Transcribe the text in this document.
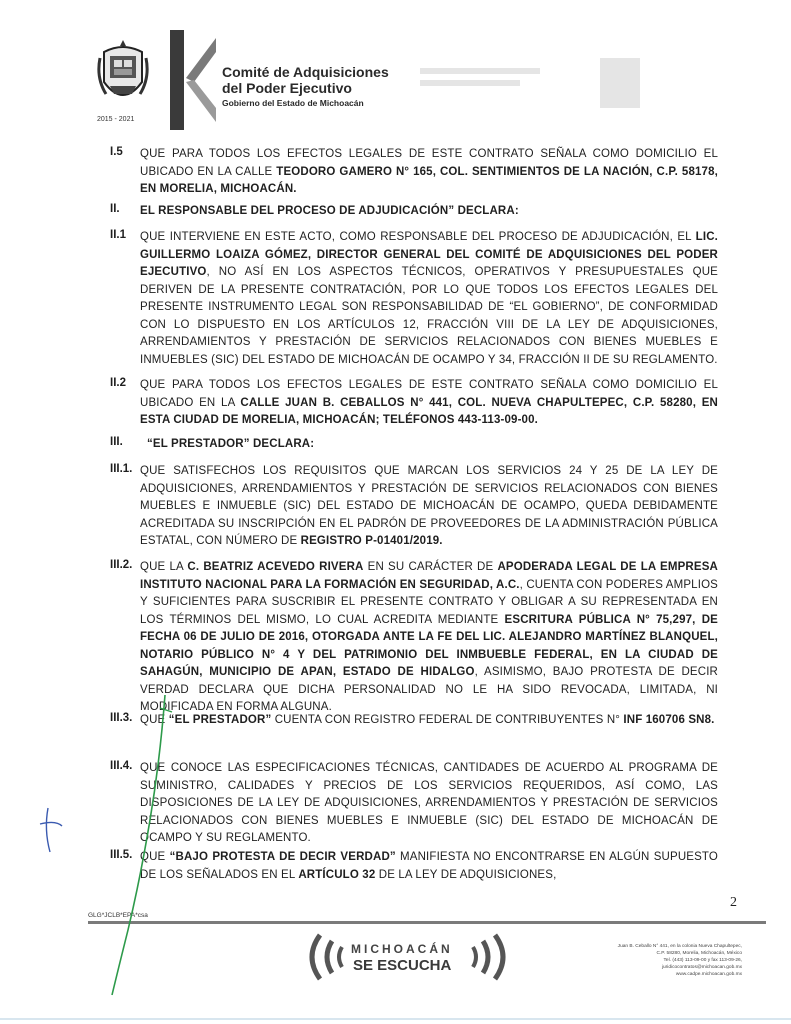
2015 - 2021
Comité de Adquisiciones
del Poder Ejecutivo
Gobierno del Estado de Michoacán
I.5 QUE PARA TODOS LOS EFECTOS LEGALES DE ESTE CONTRATO SEÑALA COMO DOMICILIO EL UBICADO EN LA CALLE TEODORO GAMERO N° 165, COL. SENTIMIENTOS DE LA NACIÓN, C.P. 58178, EN MORELIA, MICHOACÁN.
II. EL RESPONSABLE DEL PROCESO DE ADJUDICACIÓN” DECLARA:
II.1 QUE INTERVIENE EN ESTE ACTO, COMO RESPONSABLE DEL PROCESO DE ADJUDICACIÓN, EL LIC. GUILLERMO LOAIZA GÓMEZ, DIRECTOR GENERAL DEL COMITÉ DE ADQUISICIONES DEL PODER EJECUTIVO, NO ASÍ EN LOS ASPECTOS TÉCNICOS, OPERATIVOS Y PRESUPUESTALES QUE DERIVEN DE LA PRESENTE CONTRATACIÓN, POR LO QUE TODOS LOS EFECTOS LEGALES DEL PRESENTE INSTRUMENTO LEGAL SON RESPONSABILIDAD DE “EL GOBIERNO”, DE CONFORMIDAD CON LO DISPUESTO EN LOS ARTÍCULOS 12, FRACCIÓN VIII DE LA LEY DE ADQUISICIONES, ARRENDAMIENTOS Y PRESTACIÓN DE SERVICIOS RELACIONADOS CON BIENES MUEBLES E INMUEBLES (SIC) DEL ESTADO DE MICHOACÁN DE OCAMPO Y 34, FRACCIÓN II DE SU REGLAMENTO.
II.2 QUE PARA TODOS LOS EFECTOS LEGALES DE ESTE CONTRATO SEÑALA COMO DOMICILIO EL UBICADO EN LA CALLE JUAN B. CEBALLOS N° 441, COL. NUEVA CHAPULTEPEC, C.P. 58280, EN ESTA CIUDAD DE MORELIA, MICHOACÁN; TELÉFONOS 443-113-09-00.
III. “EL PRESTADOR” DECLARA:
III.1. QUE SATISFECHOS LOS REQUISITOS QUE MARCAN LOS SERVICIOS 24 Y 25 DE LA LEY DE ADQUISICIONES, ARRENDAMIENTOS Y PRESTACIÓN DE SERVICIOS RELACIONADOS CON BIENES MUEBLES E INMUEBLE (SIC) DEL ESTADO DE MICHOACÁN DE OCAMPO, QUEDA DEBIDAMENTE ACREDITADA SU INSCRIPCIÓN EN EL PADRÓN DE PROVEEDORES DE LA ADMINISTRACIÓN PÚBLICA ESTATAL, CON NÚMERO DE REGISTRO P-01401/2019.
III.2. QUE LA C. BEATRIZ ACEVEDO RIVERA EN SU CARÁCTER DE APODERADA LEGAL DE LA EMPRESA INSTITUTO NACIONAL PARA LA FORMACIÓN EN SEGURIDAD, A.C., CUENTA CON PODERES AMPLIOS Y SUFICIENTES PARA SUSCRIBIR EL PRESENTE CONTRATO Y OBLIGAR A SU REPRESENTADA EN LOS TÉRMINOS DEL MISMO, LO CUAL ACREDITA MEDIANTE ESCRITURA PÚBLICA N° 75,297, DE FECHA 06 DE JULIO DE 2016, OTORGADA ANTE LA FE DEL LIC. ALEJANDRO MARTÍNEZ BLANQUEL, NOTARIO PÚBLICO N° 4 Y DEL PATRIMONIO DEL INMBUEBLE FEDERAL, EN LA CIUDAD DE SAHAGÚN, MUNICIPIO DE APAN, ESTADO DE HIDALGO, ASIMISMO, BAJO PROTESTA DE DECIR VERDAD DECLARA QUE DICHA PERSONALIDAD NO LE HA SIDO REVOCADA, LIMITADA, NI MODIFICADA EN FORMA ALGUNA.
III.3. QUE “EL PRESTADOR” CUENTA CON REGISTRO FEDERAL DE CONTRIBUYENTES N° INF 160706 SN8.
III.4. QUE CONOCE LAS ESPECIFICACIONES TÉCNICAS, CANTIDADES DE ACUERDO AL PROGRAMA DE SUMINISTRO, CALIDADES Y PRECIOS DE LOS SERVICIOS REQUERIDOS, ASÍ COMO, LAS DISPOSICIONES DE LA LEY DE ADQUISICIONES, ARRENDAMIENTOS Y PRESTACIÓN DE SERVICIOS RELACIONADOS CON BIENES MUEBLES E INMUEBLE (SIC) DEL ESTADO DE MICHOACÁN DE OCAMPO Y SU REGLAMENTO.
III.5. QUE “BAJO PROTESTA DE DECIR VERDAD” MANIFIESTA NO ENCONTRARSE EN ALGÚN SUPUESTO DE LOS SEÑALADOS EN EL ARTÍCULO 32 DE LA LEY DE ADQUISICIONES,
2
GLG*JCLB*EPA*csa
MICHOACÁN
SE ESCUCHA
Juan B. Ceballo N° 441, en la colonia Nueva Chapultepec,
C.P. 58280, Morelia, Michoacán, México
Tel. (443) 113-09-00 y fax 113-09-26,
juridicocontratos@michoacan.gob.mx
www.cadpe.michoacan.gob.mx
